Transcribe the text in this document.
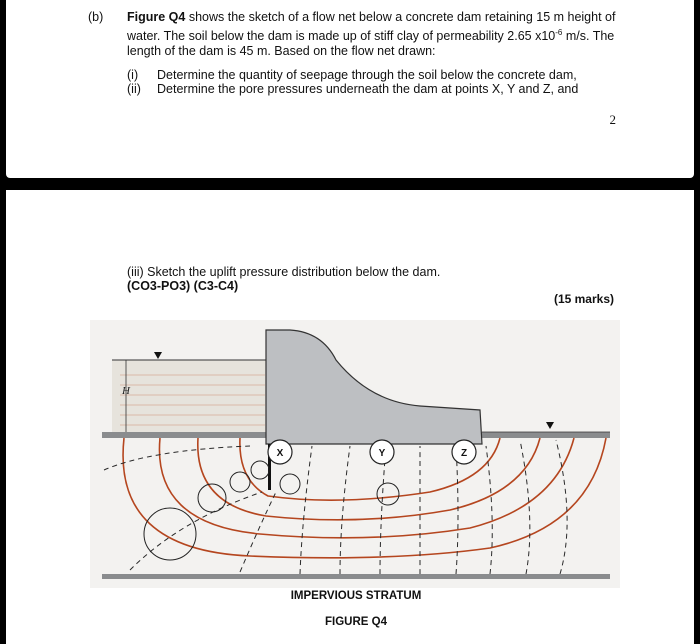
(b) Figure Q4 shows the sketch of a flow net below a concrete dam retaining 15 m height of water. The soil below the dam is made up of stiff clay of permeability 2.65 $x10^{-6}$ m/s. The length of the dam is 45 m. Based on the flow net drawn:
(i)	Determine the quantity of seepage through the soil below the concrete dam,
(ii)	Determine the pore pressures underneath the dam at points X, Y and Z, and
2
(iii) Sketch the uplift pressure distribution below the dam.
(CO3-PO3) (C3-C4)
(15 marks)
H
X	Y	Z
IMPERVIOUS STRATUM
FIGURE Q4
